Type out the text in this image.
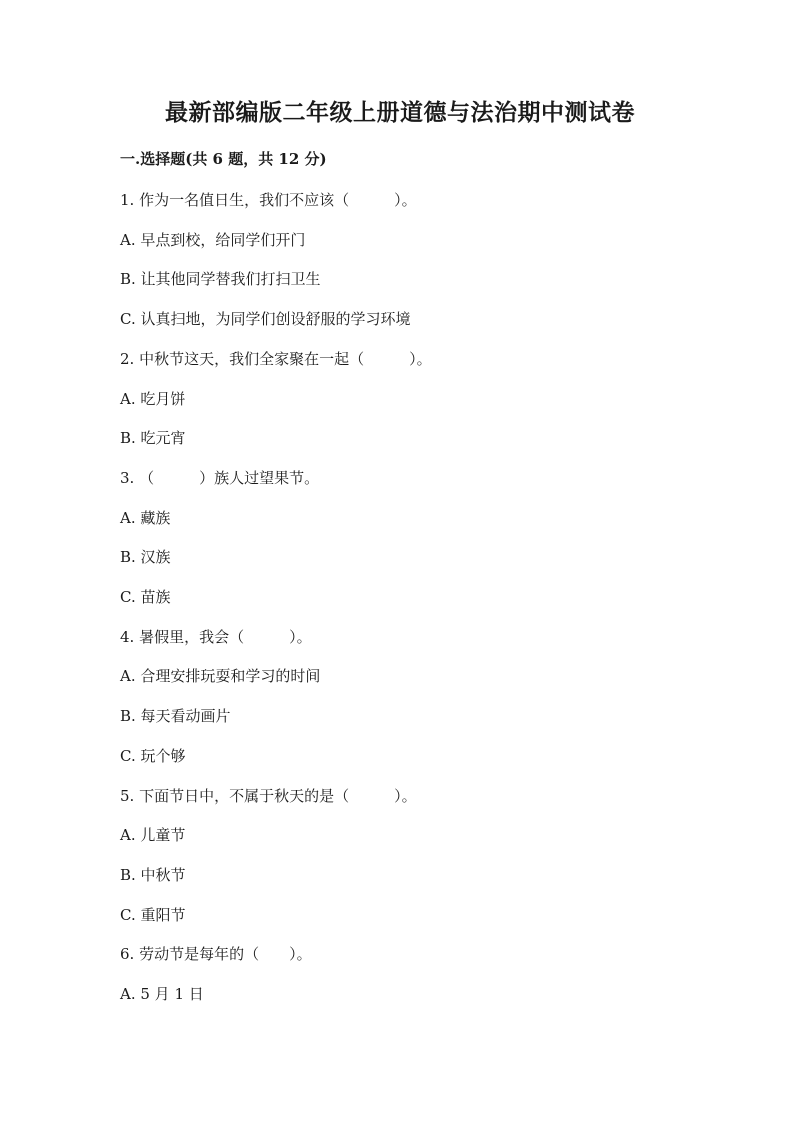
最新部编版二年级上册道德与法治期中测试卷
一.选择题(共 6 题，共 12 分)
1. 作为一名值日生，我们不应该（　　　）。
A. 早点到校，给同学们开门
B. 让其他同学替我们打扫卫生
C. 认真扫地，为同学们创设舒服的学习环境
2. 中秋节这天，我们全家聚在一起（　　　）。
A. 吃月饼
B. 吃元宵
3. （　　　）族人过望果节。
A. 藏族
B. 汉族
C. 苗族
4. 暑假里，我会（　　　）。
A. 合理安排玩耍和学习的时间
B. 每天看动画片
C. 玩个够
5. 下面节日中，不属于秋天的是（　　　）。
A. 儿童节
B. 中秋节
C. 重阳节
6. 劳动节是每年的（　　）。
A. 5 月 1 日
